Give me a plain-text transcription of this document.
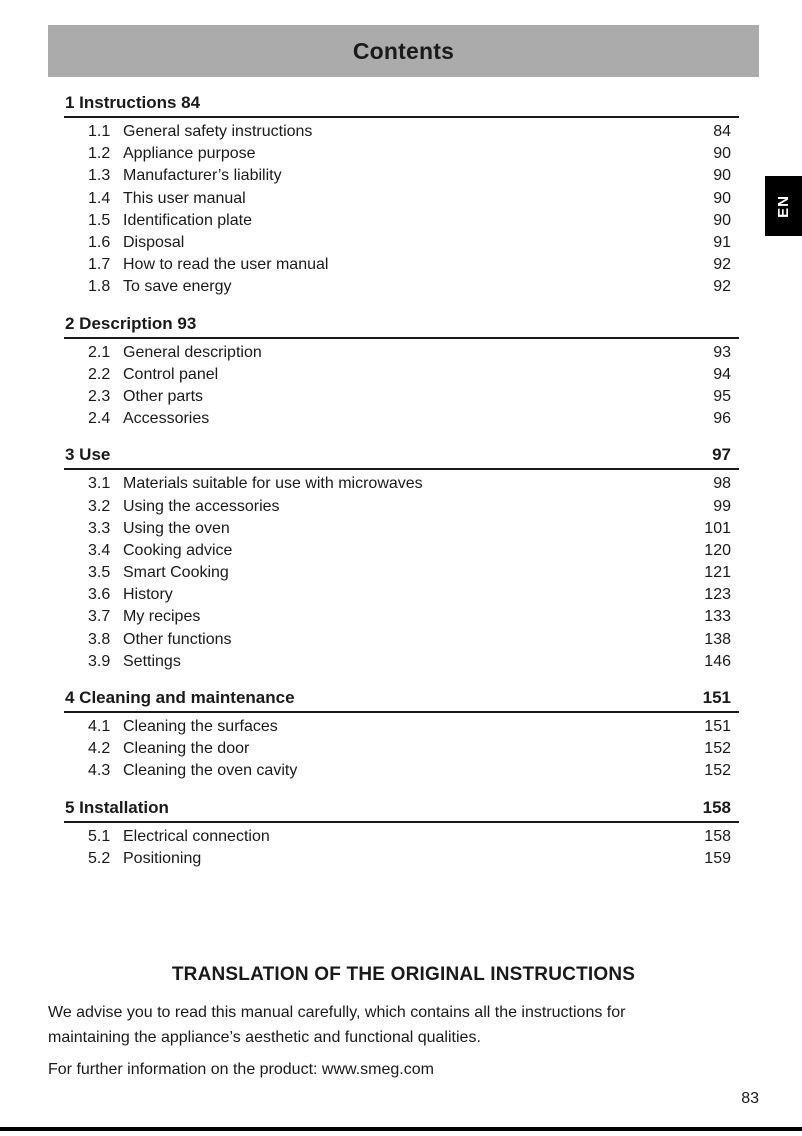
Contents
EN
1 Instructions 84
1.1 General safety instructions	84
1.2 Appliance purpose	90
1.3 Manufacturer’s liability	90
1.4 This user manual	90
1.5 Identification plate	90
1.6 Disposal	91
1.7 How to read the user manual	92
1.8 To save energy	92
2 Description 93
2.1 General description	93
2.2 Control panel	94
2.3 Other parts	95
2.4 Accessories	96
3 Use	97
3.1 Materials suitable for use with microwaves	98
3.2 Using the accessories	99
3.3 Using the oven	101
3.4 Cooking advice	120
3.5 Smart Cooking	121
3.6 History	123
3.7 My recipes	133
3.8 Other functions	138
3.9 Settings	146
4 Cleaning and maintenance	151
4.1 Cleaning the surfaces	151
4.2 Cleaning the door	152
4.3 Cleaning the oven cavity	152
5 Installation	158
5.1 Electrical connection	158
5.2 Positioning	159
TRANSLATION OF THE ORIGINAL INSTRUCTIONS
We advise you to read this manual carefully, which contains all the instructions for maintaining the appliance’s aesthetic and functional qualities.
For further information on the product: www.smeg.com
83
